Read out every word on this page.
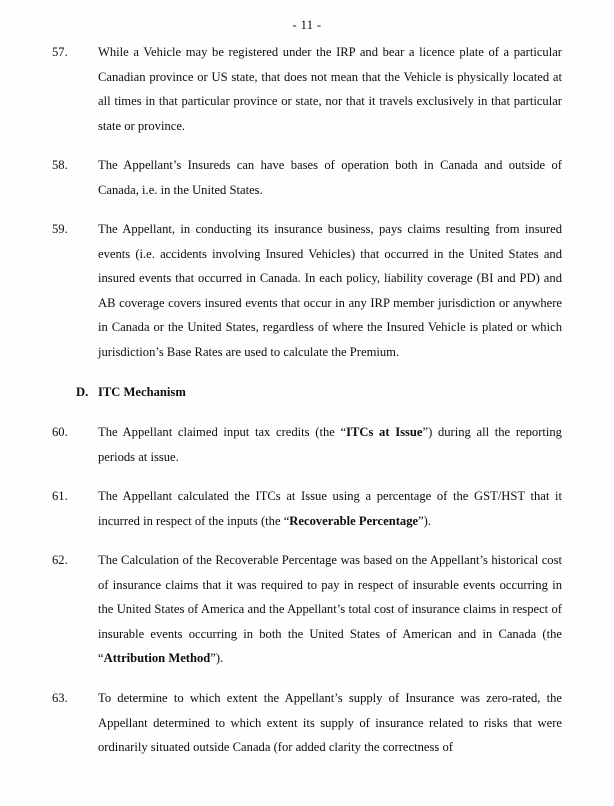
- 11 -
57.	While a Vehicle may be registered under the IRP and bear a licence plate of a particular Canadian province or US state, that does not mean that the Vehicle is physically located at all times in that particular province or state, nor that it travels exclusively in that particular state or province.
58.	The Appellant’s Insureds can have bases of operation both in Canada and outside of Canada, i.e. in the United States.
59.	The Appellant, in conducting its insurance business, pays claims resulting from insured events (i.e. accidents involving Insured Vehicles) that occurred in the United States and insured events that occurred in Canada. In each policy, liability coverage (BI and PD) and AB coverage covers insured events that occur in any IRP member jurisdiction or anywhere in Canada or the United States, regardless of where the Insured Vehicle is plated or which jurisdiction’s Base Rates are used to calculate the Premium.
D. ITC Mechanism
60.	The Appellant claimed input tax credits (the “ITCs at Issue”) during all the reporting periods at issue.
61.	The Appellant calculated the ITCs at Issue using a percentage of the GST/HST that it incurred in respect of the inputs (the “Recoverable Percentage”).
62.	The Calculation of the Recoverable Percentage was based on the Appellant’s historical cost of insurance claims that it was required to pay in respect of insurable events occurring in the United States of America and the Appellant’s total cost of insurance claims in respect of insurable events occurring in both the United States of American and in Canada (the “Attribution Method”).
63.	To determine to which extent the Appellant’s supply of Insurance was zero-rated, the Appellant determined to which extent its supply of insurance related to risks that were ordinarily situated outside Canada (for added clarity the correctness of
